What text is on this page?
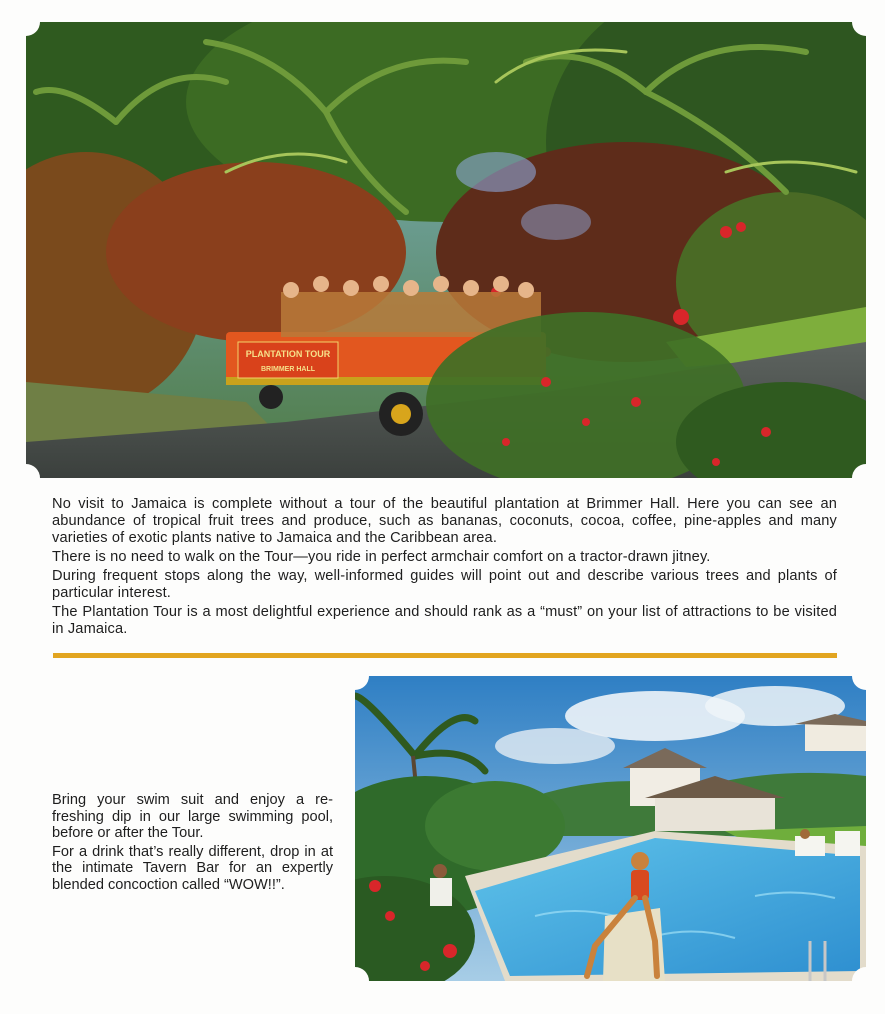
PLANTATION TOUR
BRIMMER HALL

No visit to Jamaica is complete without a tour of the beautiful plantation at Brimmer Hall. Here you can see an abundance of tropical fruit trees and produce, such as bananas, coconuts, cocoa, coffee, pine-apples and many varieties of exotic plants native to Jamaica and the Caribbean area.

There is no need to walk on the Tour—you ride in perfect armchair comfort on a tractor-drawn jitney.

During frequent stops along the way, well-informed guides will point out and describe various trees and plants of particular interest.

The Plantation Tour is a most delightful experience and should rank as a “must” on your list of attractions to be visited in Jamaica.

Bring your swim suit and enjoy a re-freshing dip in our large swimming pool, before or after the Tour.

For a drink that’s really different, drop in at the intimate Tavern Bar for an expertly blended concoction called “WOW!!”.
